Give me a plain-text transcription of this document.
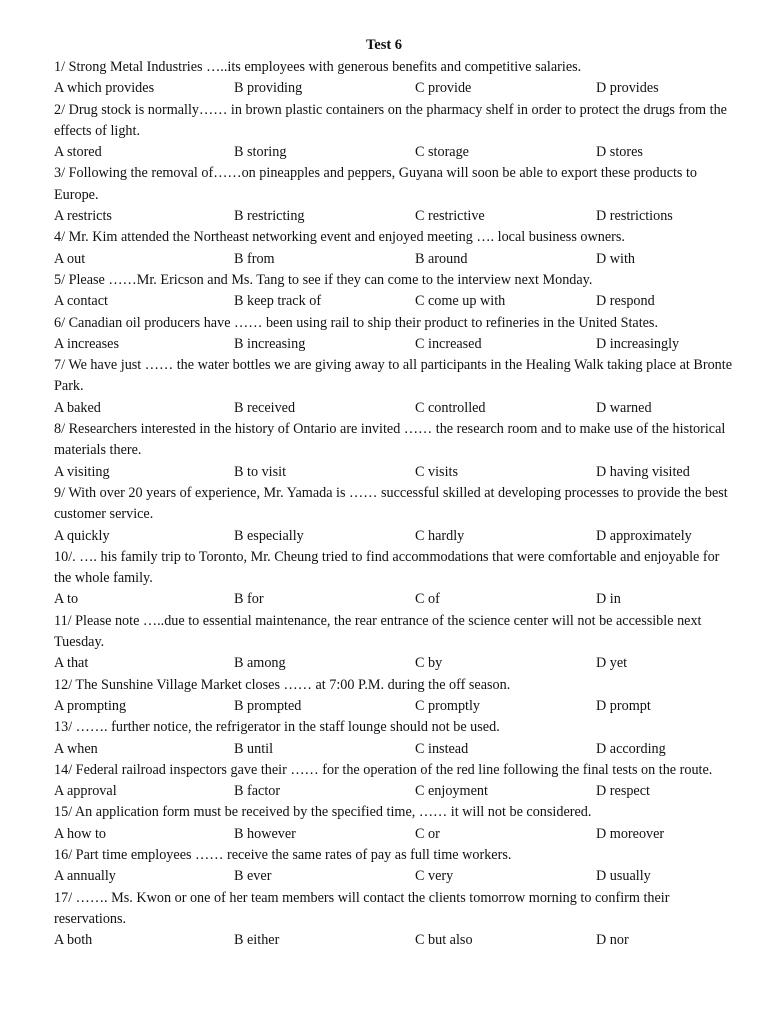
Test 6

1/ Strong Metal Industries …..its employees with generous benefits and competitive salaries.

A which provides	B providing	C provide	D provides

2/ Drug stock is normally…… in brown plastic containers on the pharmacy shelf in order to protect the drugs from the effects of light.

A stored	B storing	C storage	D stores

3/ Following the removal of……on pineapples and peppers, Guyana will soon be able to export these products to Europe.

A restricts	B restricting	C restrictive	D restrictions

4/ Mr. Kim attended the Northeast networking event and enjoyed meeting …. local business owners.

A out	B from	B around	D with

5/ Please ……Mr. Ericson and Ms. Tang to see if they can come to the interview next Monday.

A contact	B keep track of	C come up with	D respond

6/ Canadian oil producers have …… been using rail to ship their product to refineries in the United States.

A increases	B increasing	C increased	D increasingly

7/ We have just …… the water bottles we are giving away to all participants in the Healing Walk taking place at Bronte Park.

A baked	B received	C controlled	D warned

8/ Researchers interested in the history of Ontario are invited …… the research room and to make use of the historical materials there.

A visiting	B to visit	C visits	D having visited

9/ With over 20 years of experience, Mr. Yamada is …… successful skilled at developing processes to provide the best customer service.

A quickly	B especially	C hardly	D approximately

10/. …. his family trip to Toronto, Mr. Cheung tried to find accommodations that were comfortable and enjoyable for the whole family.

A to	B for	C of	D in

11/ Please note …..due to essential maintenance, the rear entrance of the science center will not be accessible next Tuesday.

A that	B among	C by	D yet

12/ The Sunshine Village Market closes …… at 7:00 P.M. during the off season.

A prompting	B prompted	C promptly	D prompt

13/ ……. further notice, the refrigerator in the staff lounge should not be used.

A when	B until	C instead	D according

14/ Federal railroad inspectors gave their …… for the operation of the red line following the final tests on the route.

A approval	B factor	C enjoyment	D respect

15/ An application form must be received by the specified time, …… it will not be considered.

A how to	B however	C or	D moreover

16/ Part time employees …… receive the same rates of pay as full time workers.

A annually	B ever	C very	D usually

17/ ……. Ms. Kwon or one of her team members will contact the clients tomorrow morning to confirm their reservations.

A both	B either	C but also	D nor
